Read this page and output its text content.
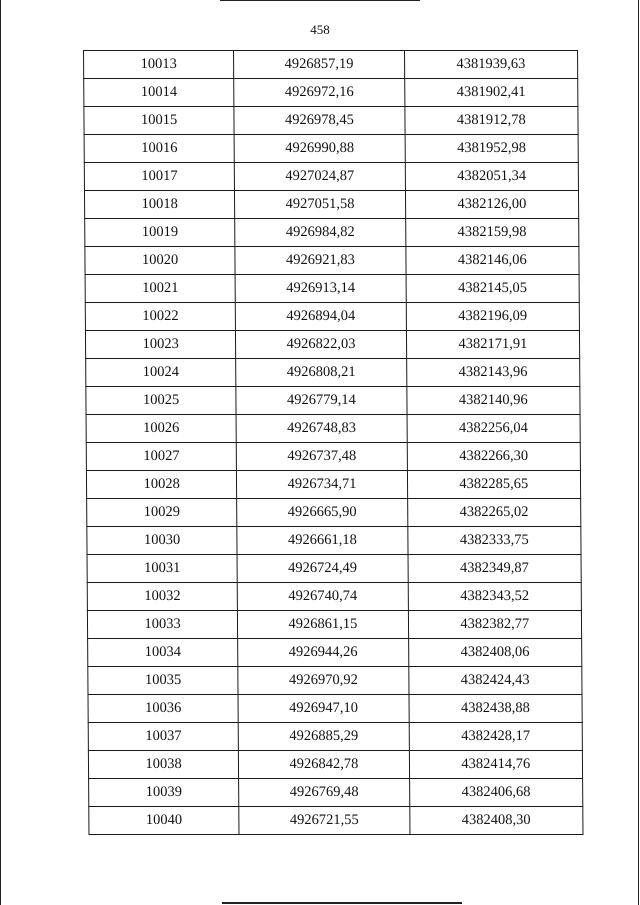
458
10013	4926857,19	4381939,63
10014	4926972,16	4381902,41
10015	4926978,45	4381912,78
10016	4926990,88	4381952,98
10017	4927024,87	4382051,34
10018	4927051,58	4382126,00
10019	4926984,82	4382159,98
10020	4926921,83	4382146,06
10021	4926913,14	4382145,05
10022	4926894,04	4382196,09
10023	4926822,03	4382171,91
10024	4926808,21	4382143,96
10025	4926779,14	4382140,96
10026	4926748,83	4382256,04
10027	4926737,48	4382266,30
10028	4926734,71	4382285,65
10029	4926665,90	4382265,02
10030	4926661,18	4382333,75
10031	4926724,49	4382349,87
10032	4926740,74	4382343,52
10033	4926861,15	4382382,77
10034	4926944,26	4382408,06
10035	4926970,92	4382424,43
10036	4926947,10	4382438,88
10037	4926885,29	4382428,17
10038	4926842,78	4382414,76
10039	4926769,48	4382406,68
10040	4926721,55	4382408,30
